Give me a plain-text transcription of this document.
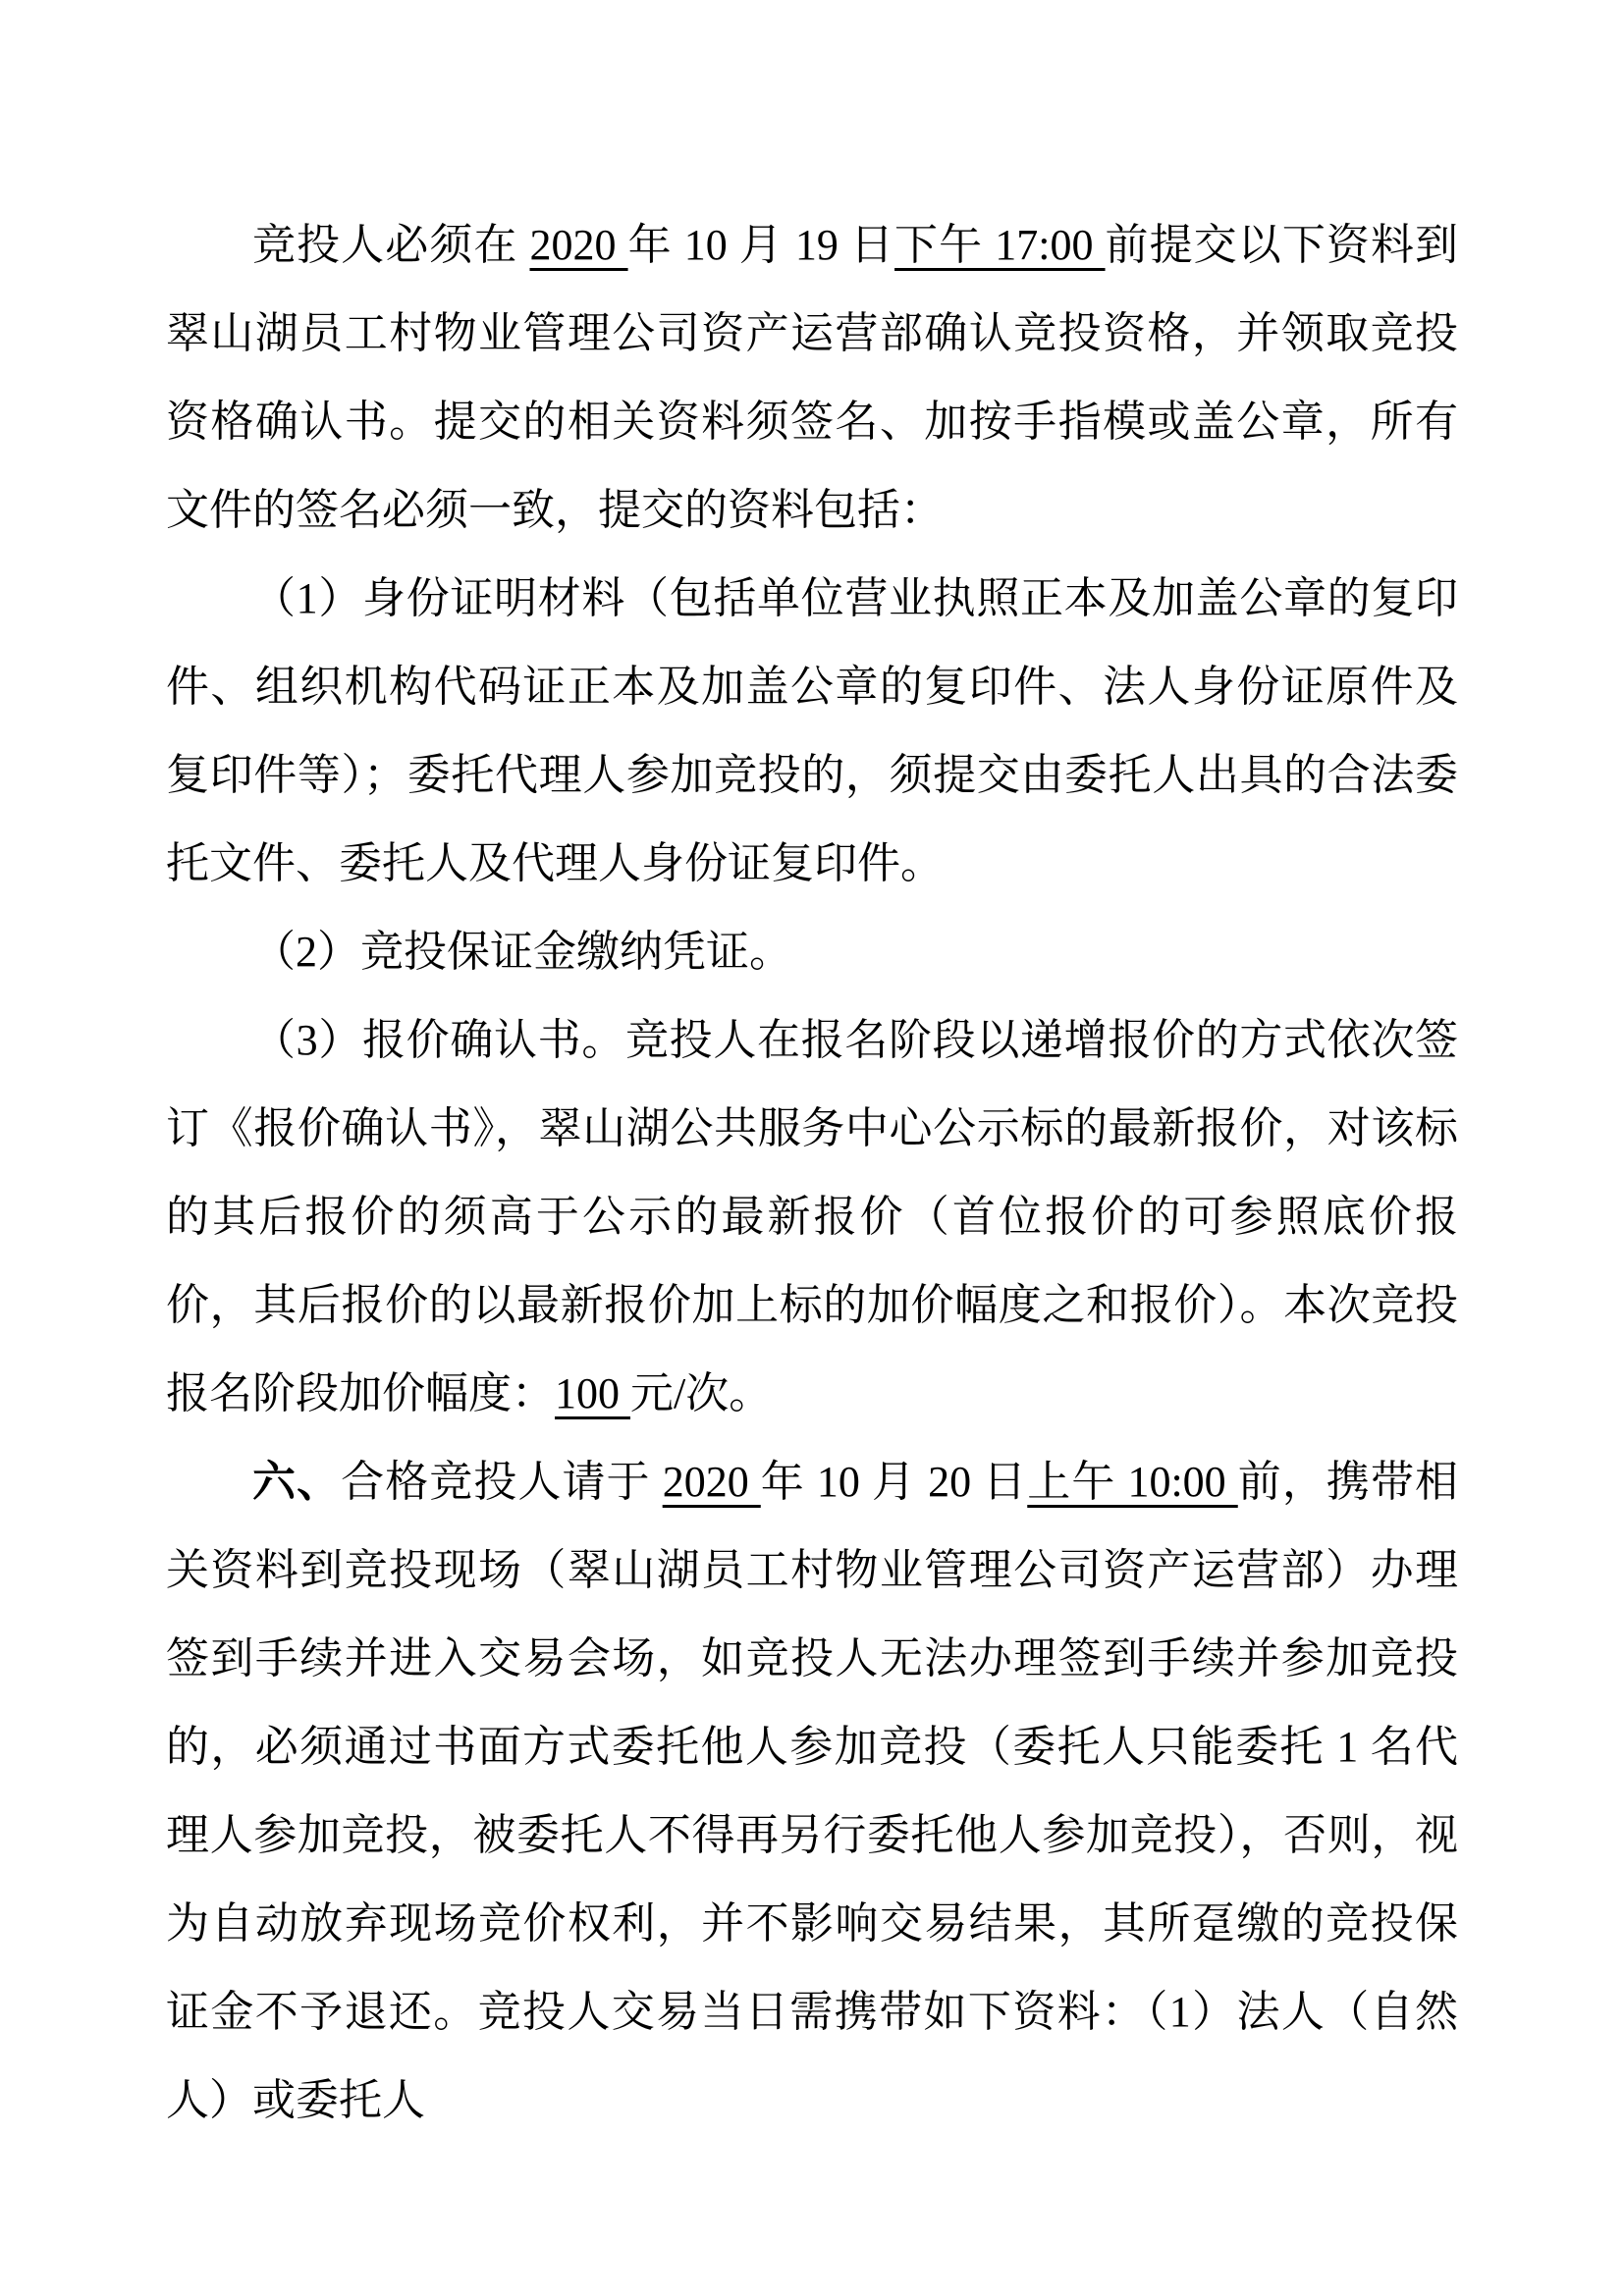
竞投人必须在 2020 年 10 月 19 日下午 17:00 前提交以下资料到翠山湖员工村物业管理公司资产运营部确认竞投资格，并领取竞投资格确认书。提交的相关资料须签名、加按手指模或盖公章，所有文件的签名必须一致，提交的资料包括：

（1）身份证明材料（包括单位营业执照正本及加盖公章的复印件、组织机构代码证正本及加盖公章的复印件、法人身份证原件及复印件等）；委托代理人参加竞投的，须提交由委托人出具的合法委托文件、委托人及代理人身份证复印件。

（2）竞投保证金缴纳凭证。

（3）报价确认书。竞投人在报名阶段以递增报价的方式依次签订《报价确认书》，翠山湖公共服务中心公示标的最新报价，对该标的其后报价的须高于公示的最新报价（首位报价的可参照底价报价，其后报价的以最新报价加上标的加价幅度之和报价）。本次竞投报名阶段加价幅度：100 元/次。

六、合格竞投人请于 2020 年 10 月 20 日上午 10:00 前，携带相关资料到竞投现场（翠山湖员工村物业管理公司资产运营部）办理签到手续并进入交易会场，如竞投人无法办理签到手续并参加竞投的，必须通过书面方式委托他人参加竞投（委托人只能委托 1 名代理人参加竞投，被委托人不得再另行委托他人参加竞投），否则，视为自动放弃现场竞价权利，并不影响交易结果，其所趸缴的竞投保证金不予退还。竞投人交易当日需携带如下资料：（1）法人（自然人）或委托人
